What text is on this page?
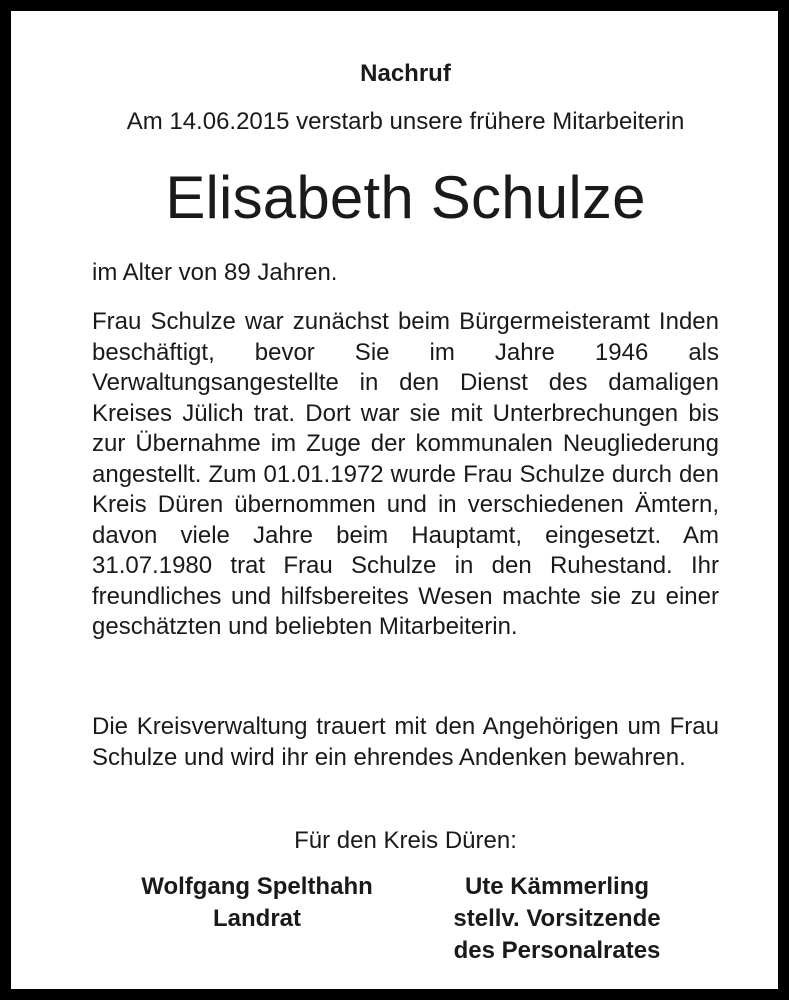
Nachruf
Am 14.06.2015 verstarb unsere frühere Mitarbeiterin
Elisabeth Schulze
im Alter von 89 Jahren.
Frau Schulze war zunächst beim Bürgermeisteramt Inden beschäftigt, bevor Sie im Jahre 1946 als Verwaltungsangestellte in den Dienst des damaligen Kreises Jülich trat. Dort war sie mit Unterbrechungen bis zur Übernahme im Zuge der kommunalen Neugliederung angestellt. Zum 01.01.1972 wurde Frau Schulze durch den Kreis Düren übernommen und in verschiedenen Ämtern, davon viele Jahre beim Hauptamt, eingesetzt. Am 31.07.1980 trat Frau Schulze in den Ruhestand. Ihr freundliches und hilfsbereites Wesen machte sie zu einer geschätzten und beliebten Mitarbeiterin.
Die Kreisverwaltung trauert mit den Angehörigen um Frau Schulze und wird ihr ein ehrendes Andenken bewahren.
Für den Kreis Düren:
Wolfgang Spelthahn
Landrat
Ute Kämmerling
stellv. Vorsitzende
des Personalrates
